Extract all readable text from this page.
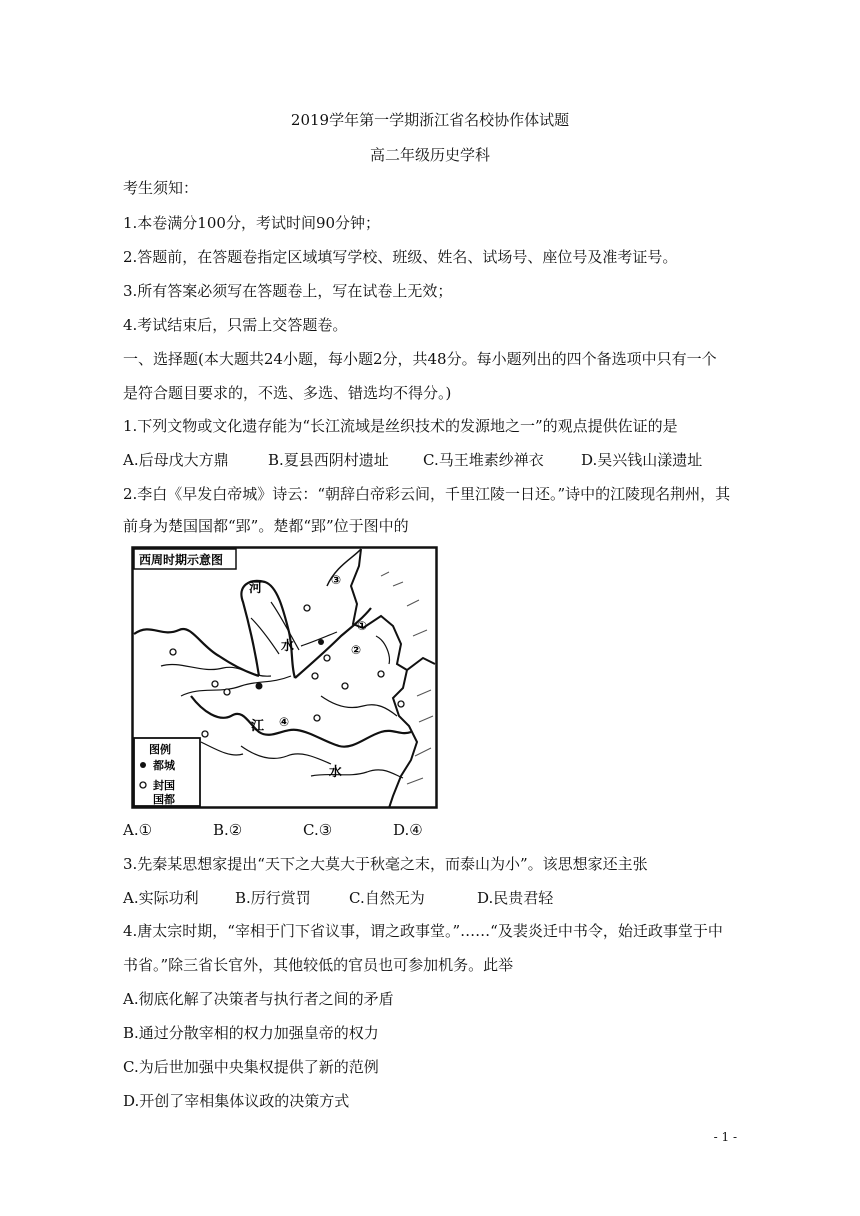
2019学年第一学期浙江省名校协作体试题
高二年级历史学科
考生须知：
1.本卷满分100分，考试时间90分钟；
2.答题前，在答题卷指定区域填写学校、班级、姓名、试场号、座位号及准考证号。
3.所有答案必须写在答题卷上，写在试卷上无效；
4.考试结束后，只需上交答题卷。
一、选择题(本大题共24小题，每小题2分，共48分。每小题列出的四个备选项中只有一个
是符合题目要求的，不选、多选、错选均不得分。)
1.下列文物或文化遗存能为“长江流域是丝织技术的发源地之一”的观点提供佐证的是
A.后母戊大方鼎	B.夏县西阴村遗址 C.马王堆素纱禅衣 D.吴兴钱山漾遗址
2.李白《早发白帝城》诗云：“朝辞白帝彩云间，千里江陵一日还。”诗中的江陵现名荆州，其
前身为楚国国都“郢”。楚都“郢”位于图中的
西周时期示意图
河
水
江
水
③
②
①
④
图例
都城
封国
国都
A.①	B.②	C.③	D.④
3.先秦某思想家提出“天下之大莫大于秋毫之末，而泰山为小”。该思想家还主张
A.实际功利 B.厉行赏罚	C.自然无为	D.民贵君轻
4.唐太宗时期，“宰相于门下省议事，谓之政事堂。”……“及裴炎迁中书令，始迁政事堂于中
书省。”除三省长官外，其他较低的官员也可参加机务。此举
A.彻底化解了决策者与执行者之间的矛盾
B.通过分散宰相的权力加强皇帝的权力
C.为后世加强中央集权提供了新的范例
D.开创了宰相集体议政的决策方式
- 1 -
